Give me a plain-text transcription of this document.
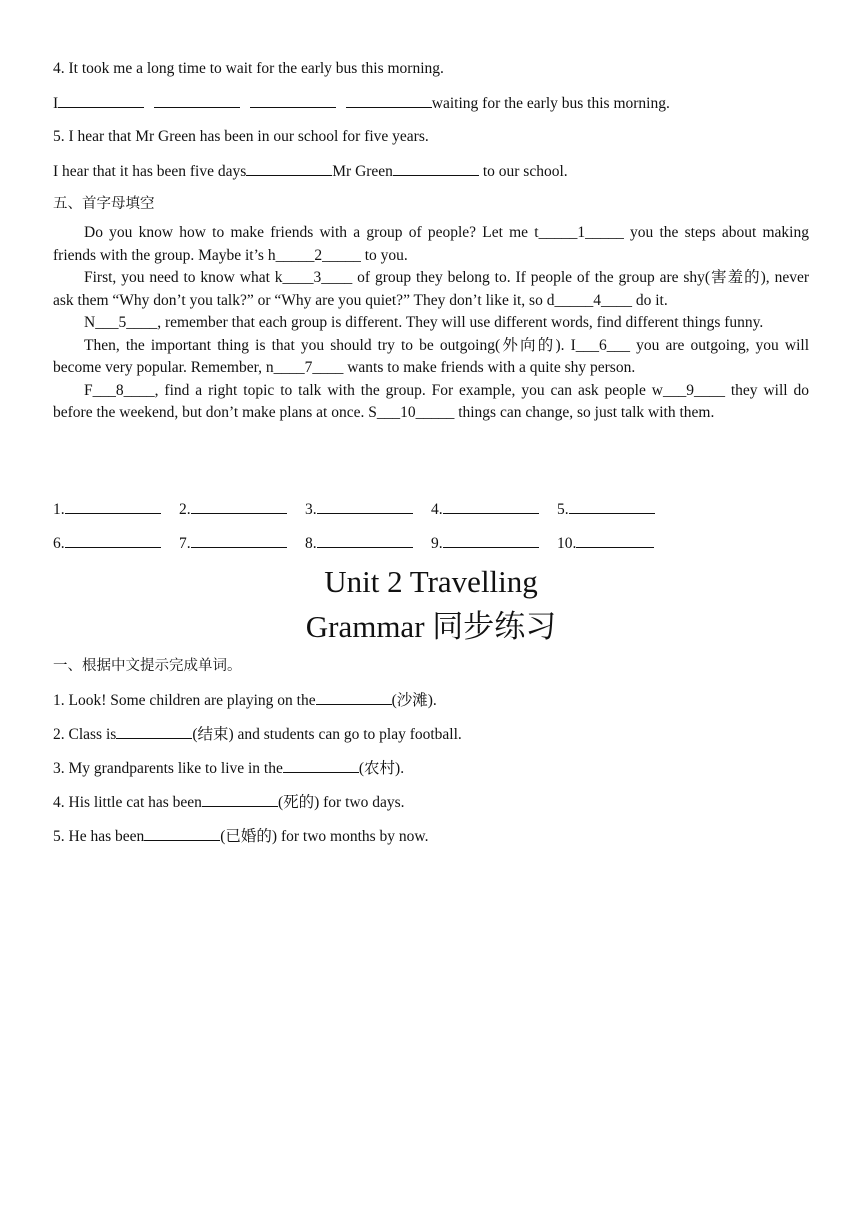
4. It took me a long time to wait for the early bus this morning.
I	waiting for the early bus this morning.
5. I hear that Mr Green has been in our school for five years.
I hear that it has been five days	Mr Green	to our school.
五、首字母填空

Do you know how to make friends with a group of people? Let me t_____1_____ you the steps about making friends with the group. Maybe it’s h_____2_____ to you.

First, you need to know what k____3____ of group they belong to. If people of the group are shy(害羞的), never ask them “Why don’t you talk?” or “Why are you quiet?” They don’t like it, so d_____4____ do it.

N___5____, remember that each group is different. They will use different words, find different things funny.

Then, the important thing is that you should try to be outgoing(外向的). I___6___ you are outgoing, you will become very popular. Remember, n____7____ wants to make friends with a quite shy person.

F___8____, find a right topic to talk with the group. For example, you can ask people w___9____ they will do before the weekend, but don’t make plans at once. S___10_____ things can change, so just talk with them.

1.	2.	3.	4.	5.
6.	7.	8.	9.	10.
Unit 2 Travelling
Grammar 同步练习
一、根据中文提示完成单词。
1. Look! Some children are playing on the	(沙滩).
2. Class is	(结束) and students can go to play football.
3. My grandparents like to live in the	(农村).
4. His little cat has been	(死的) for two days.
5. He has been	(已婚的) for two months by now.
